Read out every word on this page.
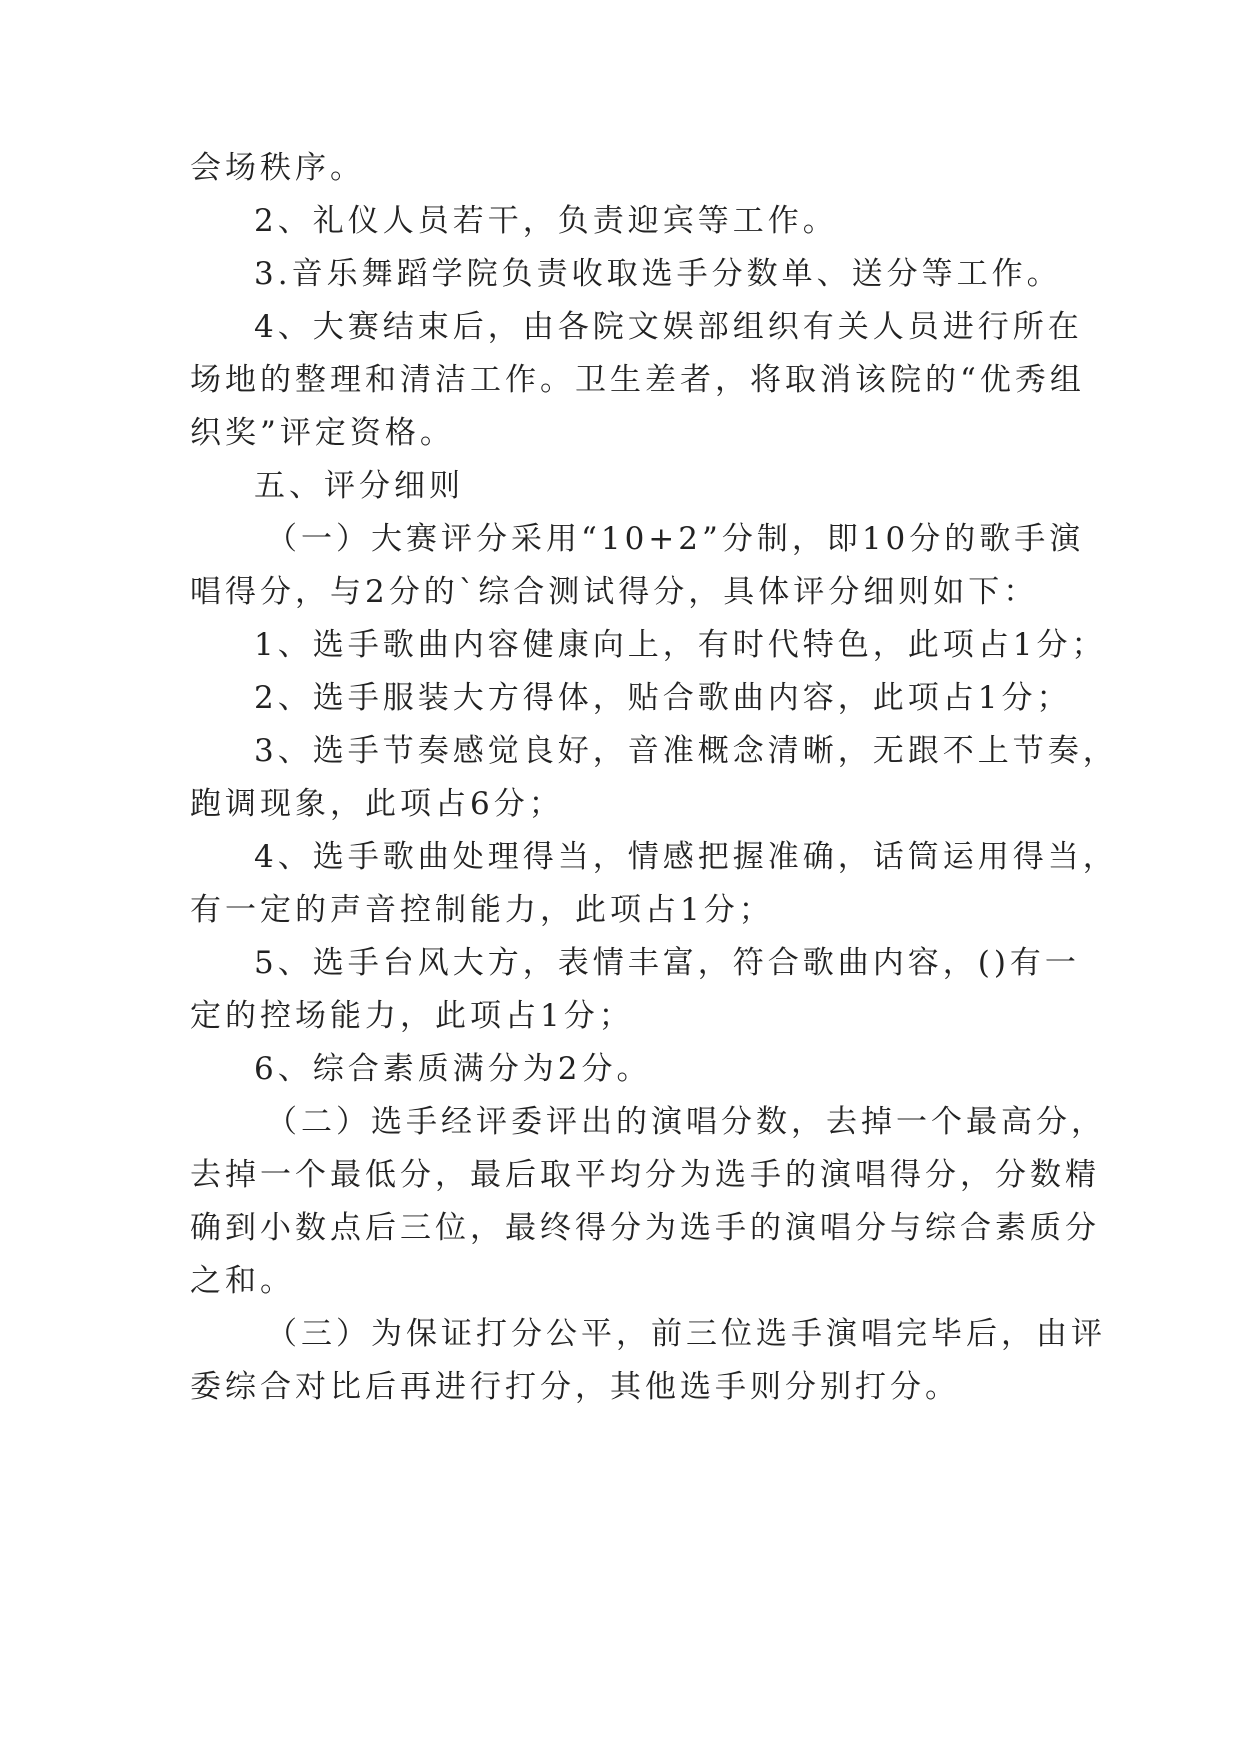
会场秩序。
2、礼仪人员若干，负责迎宾等工作。
3.音乐舞蹈学院负责收取选手分数单、送分等工作。
4、大赛结束后，由各院文娱部组织有关人员进行所在
场地的整理和清洁工作。卫生差者，将取消该院的“优秀组
织奖”评定资格。
五、评分细则
（一）大赛评分采用“10+2”分制，即10分的歌手演
唱得分，与2分的`综合测试得分，具体评分细则如下：
1、选手歌曲内容健康向上，有时代特色，此项占1分；
2、选手服装大方得体，贴合歌曲内容，此项占1分；
3、选手节奏感觉良好，音准概念清晰，无跟不上节奏，
跑调现象，此项占6分；
4、选手歌曲处理得当，情感把握准确，话筒运用得当，
有一定的声音控制能力，此项占1分；
5、选手台风大方，表情丰富，符合歌曲内容，()有一
定的控场能力，此项占1分；
6、综合素质满分为2分。
（二）选手经评委评出的演唱分数，去掉一个最高分，
去掉一个最低分，最后取平均分为选手的演唱得分，分数精
确到小数点后三位，最终得分为选手的演唱分与综合素质分
之和。
（三）为保证打分公平，前三位选手演唱完毕后，由评
委综合对比后再进行打分，其他选手则分别打分。
